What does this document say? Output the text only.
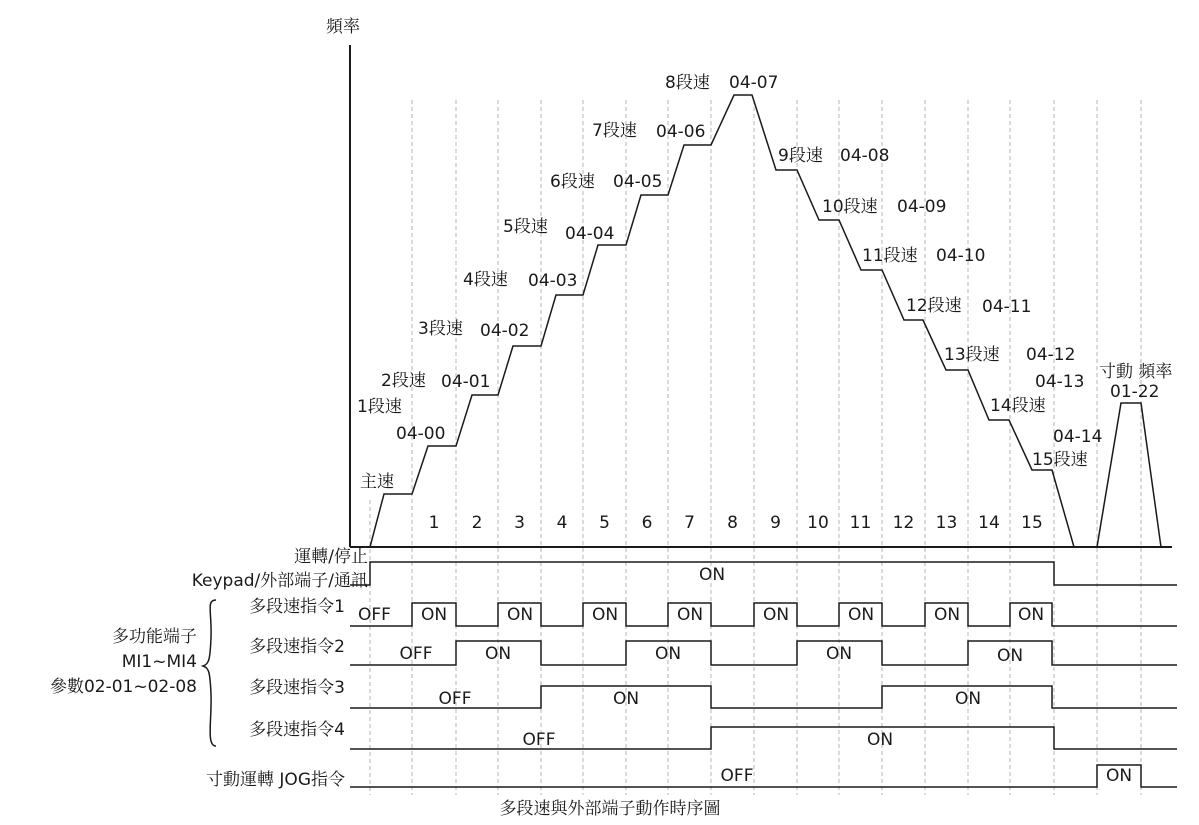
頻率
主速
1段速
04-00
2段速 04-01
3段速 04-02
4段速 04-03
5段速 04-04
6段速 04-05
7段速 04-06
8段速 04-07
9段速 04-08
10段速 04-09
11段速 04-10
12段速 04-11
13段速 04-12
04-13
14段速
04-14
15段速
寸動 頻率
01-22
1 2 3 4 5 6 7 8 9 10 11 12 13 14 15
運轉/停止
Keypad/外部端子/通訊	ON
多功能端子
MI1~MI4
參數02-01~02-08
多段速指令1
多段速指令2
多段速指令3
多段速指令4
OFF ON	ON	ON	ON	ON	ON	ON	ON
OFF	ON	ON	ON	ON
OFF	ON	ON
OFF	ON
寸動運轉 JOG指令	OFF	ON
多段速與外部端子動作時序圖
